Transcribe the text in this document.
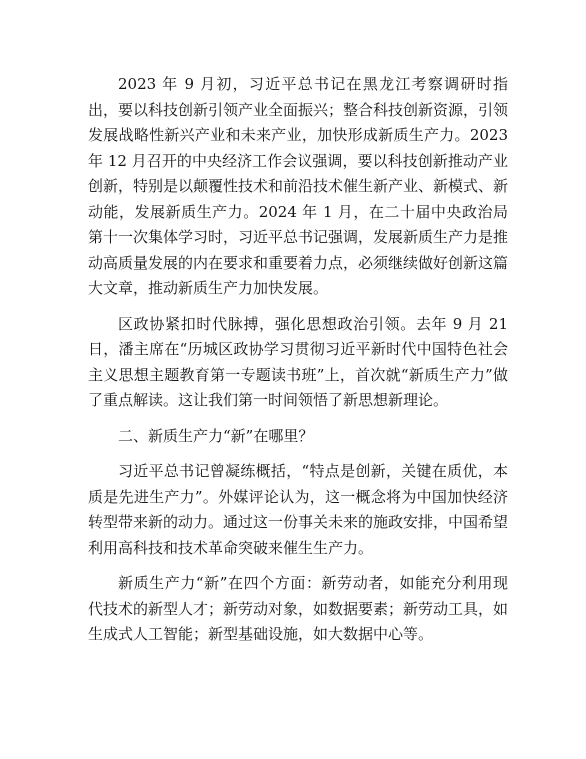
2023 年 9 月初，习近平总书记在黑龙江考察调研时指出，要以科技创新引领产业全面振兴；整合科技创新资源，引领发展战略性新兴产业和未来产业，加快形成新质生产力。2023 年 12 月召开的中央经济工作会议强调，要以科技创新推动产业创新，特别是以颠覆性技术和前沿技术催生新产业、新模式、新动能，发展新质生产力。2024 年 1 月，在二十届中央政治局第十一次集体学习时，习近平总书记强调，发展新质生产力是推动高质量发展的内在要求和重要着力点，必须继续做好创新这篇大文章，推动新质生产力加快发展。

区政协紧扣时代脉搏，强化思想政治引领。去年 9 月 21 日，潘主席在“历城区政协学习贯彻习近平新时代中国特色社会主义思想主题教育第一专题读书班”上，首次就“新质生产力”做了重点解读。这让我们第一时间领悟了新思想新理论。

二、新质生产力“新”在哪里？

习近平总书记曾凝练概括，“特点是创新，关键在质优，本质是先进生产力”。外媒评论认为，这一概念将为中国加快经济转型带来新的动力。通过这一份事关未来的施政安排，中国希望利用高科技和技术革命突破来催生生产力。

新质生产力“新”在四个方面：新劳动者，如能充分利用现代技术的新型人才；新劳动对象，如数据要素；新劳动工具，如生成式人工智能；新型基础设施，如大数据中心等。
